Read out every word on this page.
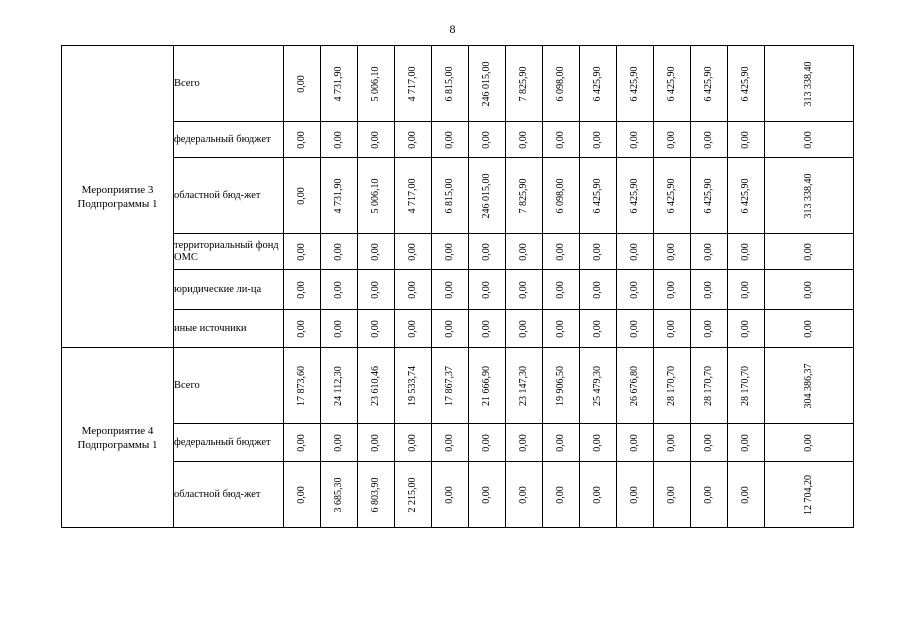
8
Мероприятие 3
Подпрограммы 1	Всего	0,00	4 731,90	5 006,10	4 717,00	6 815,00	246 015,00	7 825,90	6 098,00	6 425,90	6 425,90	6 425,90	6 425,90	6 425,90	313 338,40

	федеральный бюджет	0,00	0,00	0,00	0,00	0,00	0,00	0,00	0,00	0,00	0,00	0,00	0,00	0,00	0,00

	областной бюд-жет	0,00	4 731,90	5 006,10	4 717,00	6 815,00	246 015,00	7 825,90	6 098,00	6 425,90	6 425,90	6 425,90	6 425,90	6 425,90	313 338,40

	территориальный фонд ОМС	0,00	0,00	0,00	0,00	0,00	0,00	0,00	0,00	0,00	0,00	0,00	0,00	0,00	0,00

	юридические ли-ца	0,00	0,00	0,00	0,00	0,00	0,00	0,00	0,00	0,00	0,00	0,00	0,00	0,00	0,00

	иные источники	0,00	0,00	0,00	0,00	0,00	0,00	0,00	0,00	0,00	0,00	0,00	0,00	0,00	0,00

Мероприятие 4
Подпрограммы 1	Всего	17 873,60	24 112,30	23 610,46	19 533,74	17 867,37	21 666,90	23 147,30	19 906,50	25 479,30	26 676,80	28 170,70	28 170,70	28 170,70	304 386,37

	федеральный бюджет	0,00	0,00	0,00	0,00	0,00	0,00	0,00	0,00	0,00	0,00	0,00	0,00	0,00	0,00

	областной бюд-жет	0,00	3 685,30	6 803,90	2 215,00	0,00	0,00	0,00	0,00	0,00	0,00	0,00	0,00	0,00	12 704,20
